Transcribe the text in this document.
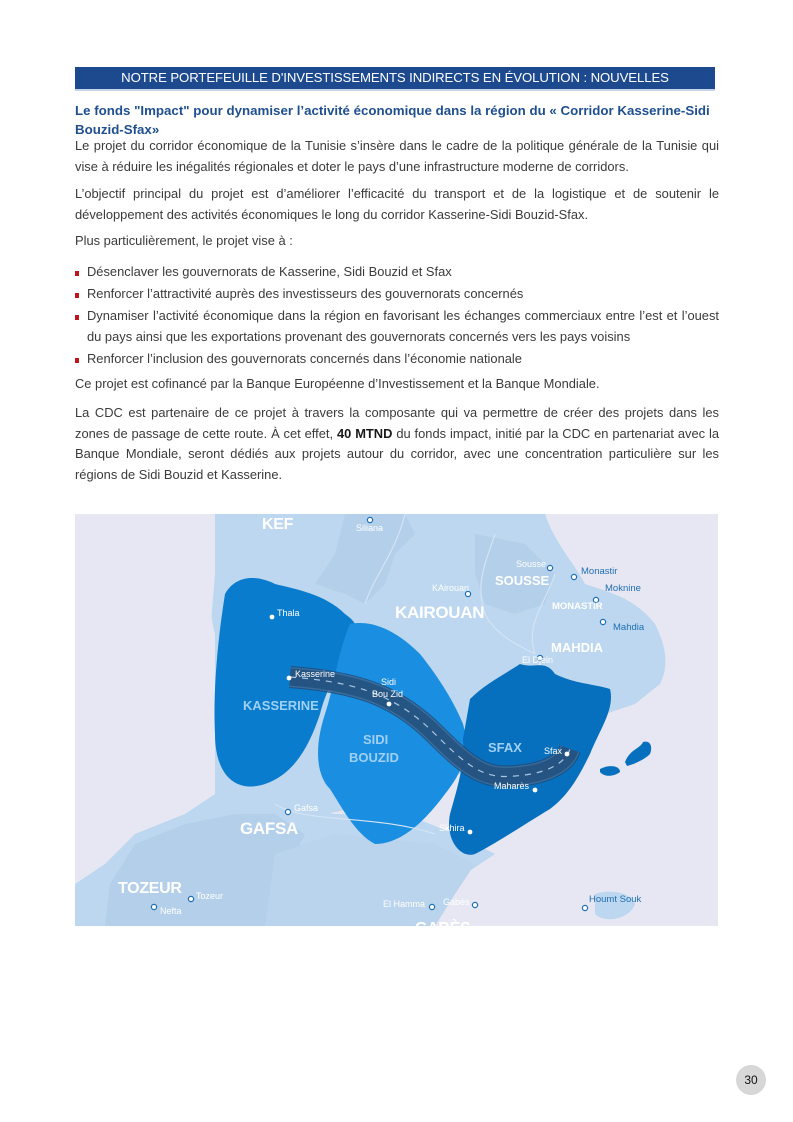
NOTRE PORTEFEUILLE D'INVESTISSEMENTS INDIRECTS EN ÉVOLUTION : NOUVELLES SOUSCRIPTIONS
Le fonds "Impact" pour dynamiser l’activité économique dans la région du « Corridor Kasserine-Sidi Bouzid-Sfax»

Le projet du corridor économique de la Tunisie s’insère dans le cadre de la politique générale de la Tunisie qui vise à réduire les inégalités régionales et doter le pays d’une infrastructure moderne de corridors.

L’objectif principal du projet est d’améliorer l’efficacité du transport et de la logistique et de soutenir le développement des activités économiques le long du corridor Kasserine-Sidi Bouzid-Sfax.

Plus particulièrement, le projet vise à :

Désenclaver les gouvernorats de Kasserine, Sidi Bouzid et Sfax
Renforcer l’attractivité auprès des investisseurs des gouvernorats concernés
Dynamiser l’activité économique dans la région en favorisant les échanges commerciaux entre l’est et l’ouest du pays ainsi que les exportations provenant des gouvernorats concernés vers les pays voisins
Renforcer l’inclusion des gouvernorats concernés dans l’économie nationale

Ce projet est cofinancé par la Banque Européenne d’Investissement et la Banque Mondiale.

La CDC est partenaire de ce projet à travers la composante qui va permettre de créer des projets dans les zones de passage de cette route. À cet effet, 40 MTND du fonds impact, initié par la CDC en partenariat avec la Banque Mondiale, seront dédiés aux projets autour du corridor, avec une concentration particulière sur les régions de Sidi Bouzid et Kasserine.

KEF
KAIROUAN
SOUSSE
MONASTIR
MAHDIA
KASSERINE
SIDI
BOUZID
SFAX
GAFSA
TOZEUR
GABÈS
Siliana
Thala
KAirouan
Sousse
Monastir
Moknine
Mahdia
El Djein
Kasserine
Sidi
Bou Zid
Sfax
Maharès
Skhira
Gafsa
Tozeur
Nefta
El Hamma Gabès	Houmt Souk
30
